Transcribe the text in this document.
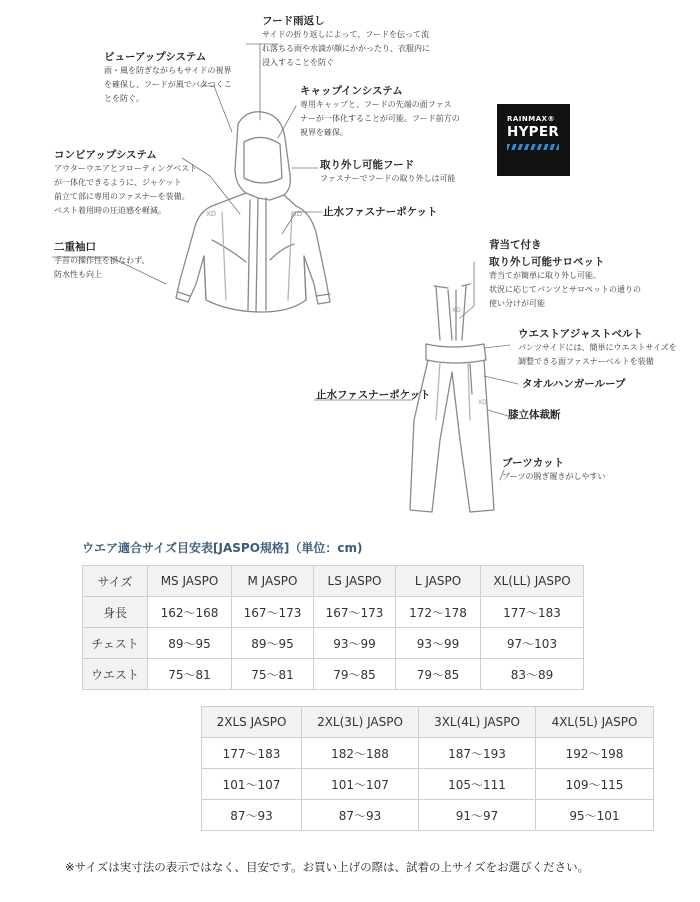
XD	XD
XD
XD
フード雨返し
サイドの折り返しによって、フードを伝って流
れ落ちる雨や水滴が顔にかかったり、衣服内に
浸入することを防ぐ
ビューアップシステム
雨・風を防ぎながらもサイドの視界
を確保し、フードが風でバタつくこ
とを防ぐ。
キャップインシステム
専用キャップと、フードの先端の面ファス
ナーが一体化することが可能。フード前方の
視界を確保。
取り外し可能フード
ファスナーでフードの取り外しは可能
コンビアップシステム
アウターウエアとフローティングベスト
が一体化できるように、ジャケット
前立て部に専用のファスナーを装備。
ベスト着用時の圧迫感を軽減。	止水ファスナーポケット
二重袖口
手首の操作性を損なわず、
防水性も向上
RAINMAX®
HYPER
背当て付き
取り外し可能サロペット
背当てが簡単に取り外し可能。
状況に応じてパンツとサロペットの通りの
使い分けが可能
ウエストアジャストベルト
パンツサイドには、簡単にウエストサイズを
調整できる面ファスナーベルトを装備
タオルハンガーループ
止水ファスナーポケット
膝立体裁断
ブーツカット
ブーツの脱ぎ履きがしやすい
ウエア適合サイズ目安表[JASPO規格]（単位：cm)
サイズ	MS JASPO	M JASPO	LS JASPO	L JASPO	XL(LL) JASPO
身長	162〜168	167〜173	167〜173	172〜178	177〜183
チェスト	89〜95	89〜95	93〜99	93〜99	97〜103
ウエスト	75〜81	75〜81	79〜85	79〜85	83〜89
2XLS JASPO	2XL(3L) JASPO	3XL(4L) JASPO	4XL(5L) JASPO
177〜183	182〜188	187〜193	192〜198
101〜107	101〜107	105〜111	109〜115
87〜93	87〜93	91〜97	95〜101
※サイズは実寸法の表示ではなく、目安です。お買い上げの際は、試着の上サイズをお選びください。
